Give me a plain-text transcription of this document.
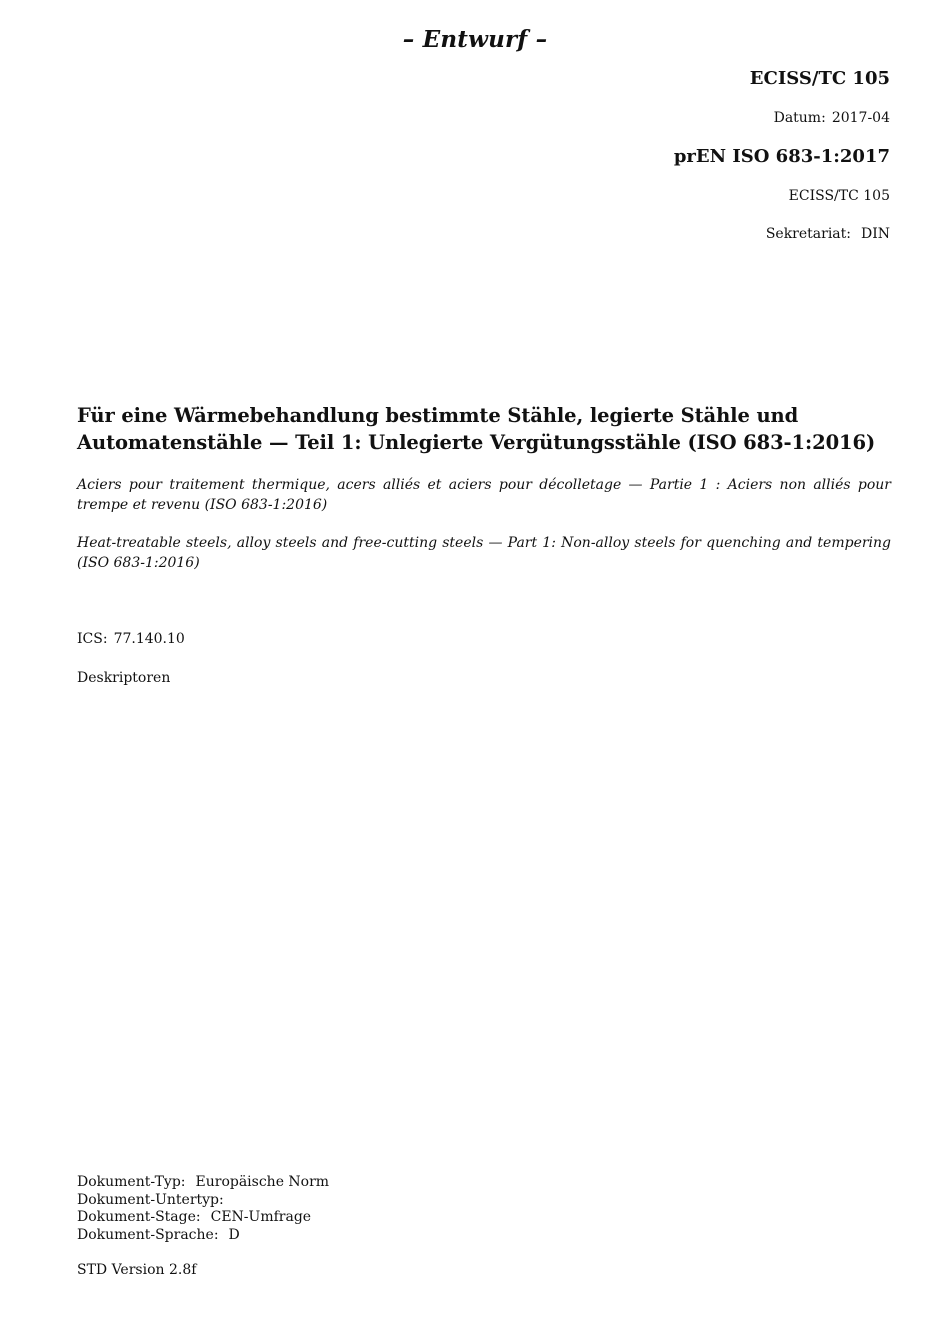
– Entwurf –

ECISS/TC 105

Datum: 2017-04

prEN ISO 683-1:2017

ECISS/TC 105

Sekretariat: DIN

Für eine Wärmebehandlung bestimmte Stähle, legierte Stähle und Automatenstähle — Teil 1: Unlegierte Vergütungsstähle (ISO 683-1:2016)

Aciers pour traitement thermique, acers alliés et aciers pour décolletage — Partie 1 : Aciers non alliés pour trempe et revenu (ISO 683-1:2016)

Heat-treatable steels, alloy steels and free-cutting steels — Part 1: Non-alloy steels for quenching and tempering (ISO 683-1:2016)

ICS: 77.140.10

Deskriptoren

Dokument-Typ: Europäische Norm
Dokument-Untertyp:
Dokument-Stage: CEN-Umfrage
Dokument-Sprache: D

STD Version 2.8f
